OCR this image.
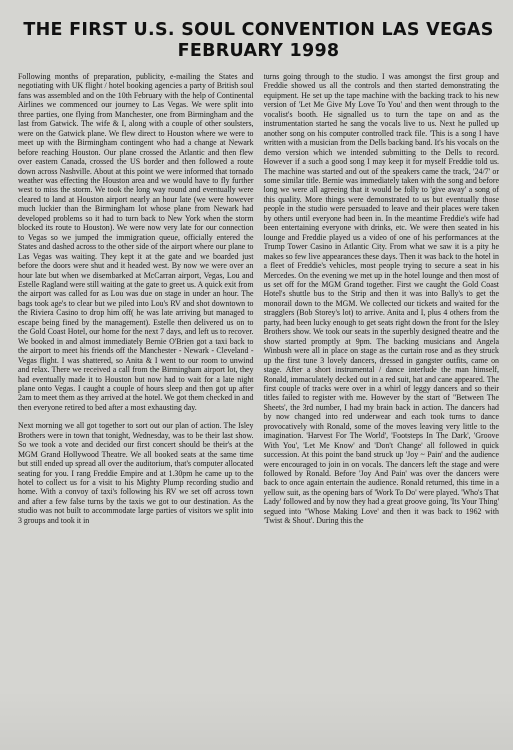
THE FIRST U.S. SOUL CONVENTION LAS VEGAS
FEBRUARY 1998

Following months of preparation, publicity, e-mailing the States and negotiating with UK flight / hotel booking agencies a party of British soul fans was assembled and on the 10th February with the help of Continental Airlines we commenced our journey to Las Vegas. We were split into three parties, one flying from Manchester, one from Birmingham and the last from Gatwick. The wife & I, along with a couple of other soulsters, were on the Gatwick plane. We flew direct to Houston where we were to meet up with the Birmingham contingent who had a change at Newark before reaching Houston. Our plane crossed the Atlantic and then flew over eastern Canada, crossed the US border and then followed a route down across Nashville. About at this point we were informed that tornado weather was effecting the Houston area and we would have to fly further west to miss the storm. We took the long way round and eventually were cleared to land at Houston airport nearly an hour late (we were however much luckier than the Birmingham lot whose plane from Newark had developed problems so it had to turn back to New York when the storm blocked its route to Houston). We were now very late for our connection to Vegas so we jumped the immigration queue, officially entered the States and dashed across to the other side of the airport where our plane to Las Vegas was waiting. They kept it at the gate and we boarded just before the doors were shut and it headed west. By now we were over an hour late but when we disembarked at McCarran airport, Vegas, Lou and Estelle Ragland were still waiting at the gate to greet us. A quick exit from the airport was called for as Lou was due on stage in under an hour. The bags took age's to clear but we piled into Lou's RV and shot downtown to the Riviera Casino to drop him off( he was late arriving but managed to escape being fined by the management). Estelle then delivered us on to the Gold Coast Hotel, our home for the next 7 days, and left us to recover. We booked in and almost immediately Bernie O'Brien got a taxi back to the airport to meet his friends off the Manchester - Newark - Cleveland - Vegas flight. I was shattered, so Anita & I went to our room to unwind and relax. There we received a call from the Birmingham airport lot, they had eventually made it to Houston but now had to wait for a late night plane onto Vegas. I caught a couple of hours sleep and then got up after 2am to meet them as they arrived at the hotel. We got them checked in and then everyone retired to bed after a most exhausting day.

Next morning we all got together to sort out our plan of action. The Isley Brothers were in town that tonight, Wednesday, was to be their last show. So we took a vote and decided our first concert should be their's at the MGM Grand Hollywood Theatre. We all booked seats at the same time but still ended up spread all over the auditorium, that's computer allocated seating for you. I rang Freddie Empire and at 1.30pm he came up to the hotel to collect us for a visit to his Mighty Plump recording studio and home. With a convoy of taxi's following his RV we set off across town and after a few false turns by the taxis we got to our destination. As the studio was not built to accommodate large parties of visitors we split into 3 groups and took it in

turns going through to the studio. I was amongst the first group and Freddie showed us all the controls and then started demonstrating the equipment. He set up the tape machine with the backing track to his new version of 'Let Me Give My Love To You' and then went through to the vocalist's booth. He signalled us to turn the tape on and as the instrumentation started he sang the vocals live to us. Next he pulled up another song on his computer controlled track file. 'This is a song I have written with a musician from the Dells backing band. It's his vocals on the demo version which we intended submitting to the Dells to record. However if a such a good song I may keep it for myself Freddie told us. The machine was started and out of the speakers came the track, '24/7' or some similar title. Bernie was immediately taken with the song and before long we were all agreeing that it would be folly to 'give away' a song of this quality. More things were demonstrated to us but eventually those people in the studio were persuaded to leave and their places were taken by others until everyone had been in. In the meantime Freddie's wife had been entertaining everyone with drinks, etc. We were then seated in his lounge and Freddie played us a video of one of his performances at the Trump Tower Casino in Atlantic City. From what we saw it is a pity he makes so few live appearances these days. Then it was back to the hotel in a fleet of Freddie's vehicles, most people trying to secure a seat in his Mercedes. On the evening we met up in the hotel lounge and then most of us set off for the MGM Grand together. First we caught the Gold Coast Hotel's shuttle bus to the Strip and then it was into Bally's to get the monorail down to the MGM. We collected our tickets and waited for the stragglers (Bob Storey's lot) to arrive. Anita and I, plus 4 others from the party, had been lucky enough to get seats right down the front for the Isley Brothers show. We took our seats in the superbly designed theatre and the show started promptly at 9pm. The backing musicians and Angela Winbush were all in place on stage as the curtain rose and as they struck up the first tune 3 lovely dancers, dressed in gangster outfits, came on stage. After a short instrumental / dance interlude the man himself, Ronald, immaculately decked out in a red suit, hat and cane appeared. The first couple of tracks were over in a whirl of leggy dancers and so their titles failed to register with me. However by the start of "Between The Sheets', the 3rd number, I had my brain back in action. The dancers had by now changed into red underwear and each took turns to dance provocatively with Ronald, some of the moves leaving very little to the imagination. 'Harvest For The World', 'Footsteps In The Dark', 'Groove With You', 'Let Me Know' and 'Don't Change' all followed in quick succession. At this point the band struck up 'Joy ~ Pain' and the audience were encouraged to join in on vocals. The dancers left the stage and were followed by Ronald. Before 'Joy And Pain' was over the dancers were back to once again entertain the audience. Ronald returned, this time in a yellow suit, as the opening bars of 'Work To Do' were played. 'Who's That Lady' followed and by now they had a great groove going, 'Its Your Thing' segued into "Whose Making Love' and then it was back to 1962 with 'Twist & Shout'. During this the
